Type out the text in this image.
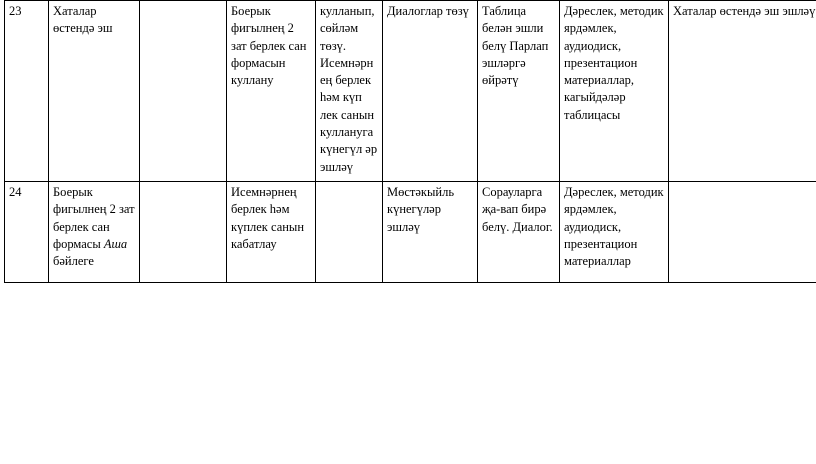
23	Хаталар өстендә эш		Боерык фигылнең 2 зат берлек сан формасын куллану	кулланып, сөйләм төзү. Исемнәрн ең берлек һәм күп лек санын куллануга күнегүл әр эшләү	Диалоглар төзү	Таблица белән эшли белү Парлап эшләргә өйрәтү	Дәреслек, методик ярдәмлек, аудиодиск, презентацион материаллар, кагыйдәләр таблицасы	Хаталар өстендә эш эшләү
24	Боерык фигылнең 2 зат берлек сан формасы Аша бәйлеге		Исемнәрнең берлек һәм күплек санын кабатлау		Мөстәкыйль күнегүләр эшләү	Сорауларга җа-вап бирә белү. Диалог.	Дәреслек, методик ярдәмлек, аудиодиск, презентацион материаллар	
